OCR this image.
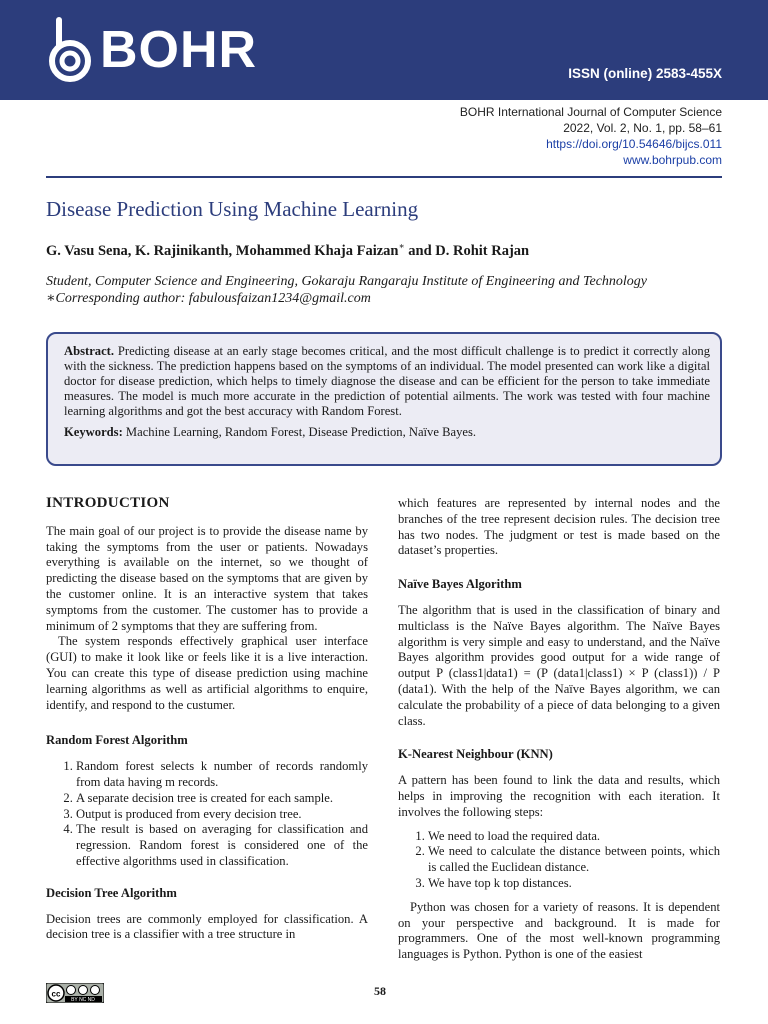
BOHR	ISSN (online) 2583-455X
BOHR International Journal of Computer Science
2022, Vol. 2, No. 1, pp. 58–61
https://doi.org/10.54646/bijcs.011
www.bohrpub.com
Disease Prediction Using Machine Learning
G. Vasu Sena, K. Rajinikanth, Mohammed Khaja Faizan∗ and D. Rohit Rajan
Student, Computer Science and Engineering, Gokaraju Rangaraju Institute of Engineering and Technology
∗Corresponding author: fabulousfaizan1234@gmail.com

Abstract. Predicting disease at an early stage becomes critical, and the most difficult challenge is to predict it correctly along with the sickness. The prediction happens based on the symptoms of an individual. The model presented can work like a digital doctor for disease prediction, which helps to timely diagnose the disease and can be efficient for the person to take immediate measures. The model is much more accurate in the prediction of potential ailments. The work was tested with four machine learning algorithms and got the best accuracy with Random Forest.

Keywords: Machine Learning, Random Forest, Disease Prediction, Naïve Bayes.

INTRODUCTION

The main goal of our project is to provide the disease name by taking the symptoms from the user or patients. Nowadays everything is available on the internet, so we thought of predicting the disease based on the symptoms that are given by the customer online. It is an interactive system that takes symptoms from the customer. The customer has to provide a minimum of 2 symptoms that they are suffering from.

The system responds effectively graphical user interface (GUI) to make it look like or feels like it is a live interaction. You can create this type of disease prediction using machine learning algorithms as well as artificial algorithms to enquire, identify, and respond to the custumer.

Random Forest Algorithm
1. Random forest selects k number of records randomly from data having m records.
2. A separate decision tree is created for each sample.
3. Output is produced from every decision tree.
4. The result is based on averaging for classification and regression. Random forest is considered one of the effective algorithms used in classification.
Decision Tree Algorithm

Decision trees are commonly employed for classification. A decision tree is a classifier with a tree structure in

which features are represented by internal nodes and the branches of the tree represent decision rules. The decision tree has two nodes. The judgment or test is made based on the dataset’s properties.

Naïve Bayes Algorithm

The algorithm that is used in the classification of binary and multiclass is the Naïve Bayes algorithm. The Naïve Bayes algorithm is very simple and easy to understand, and the Naïve Bayes algorithm provides good output for a wide range of output P (class1|data1) = (P (data1|class1) × P (class1)) / P (data1). With the help of the Naïve Bayes algorithm, we can calculate the probability of a piece of data belonging to a given class.

K-Nearest Neighbour (KNN)

A pattern has been found to link the data and results, which helps in improving the recognition with each iteration. It involves the following steps:

1. We need to load the required data.
2. We need to calculate the distance between points, which is called the Euclidean distance.
3. We have top k top distances.

Python was chosen for a variety of reasons. It is dependent on your perspective and background. It is made for programmers. One of the most well-known programming languages is Python. Python is one of the easiest

cc
BY NC ND
58
